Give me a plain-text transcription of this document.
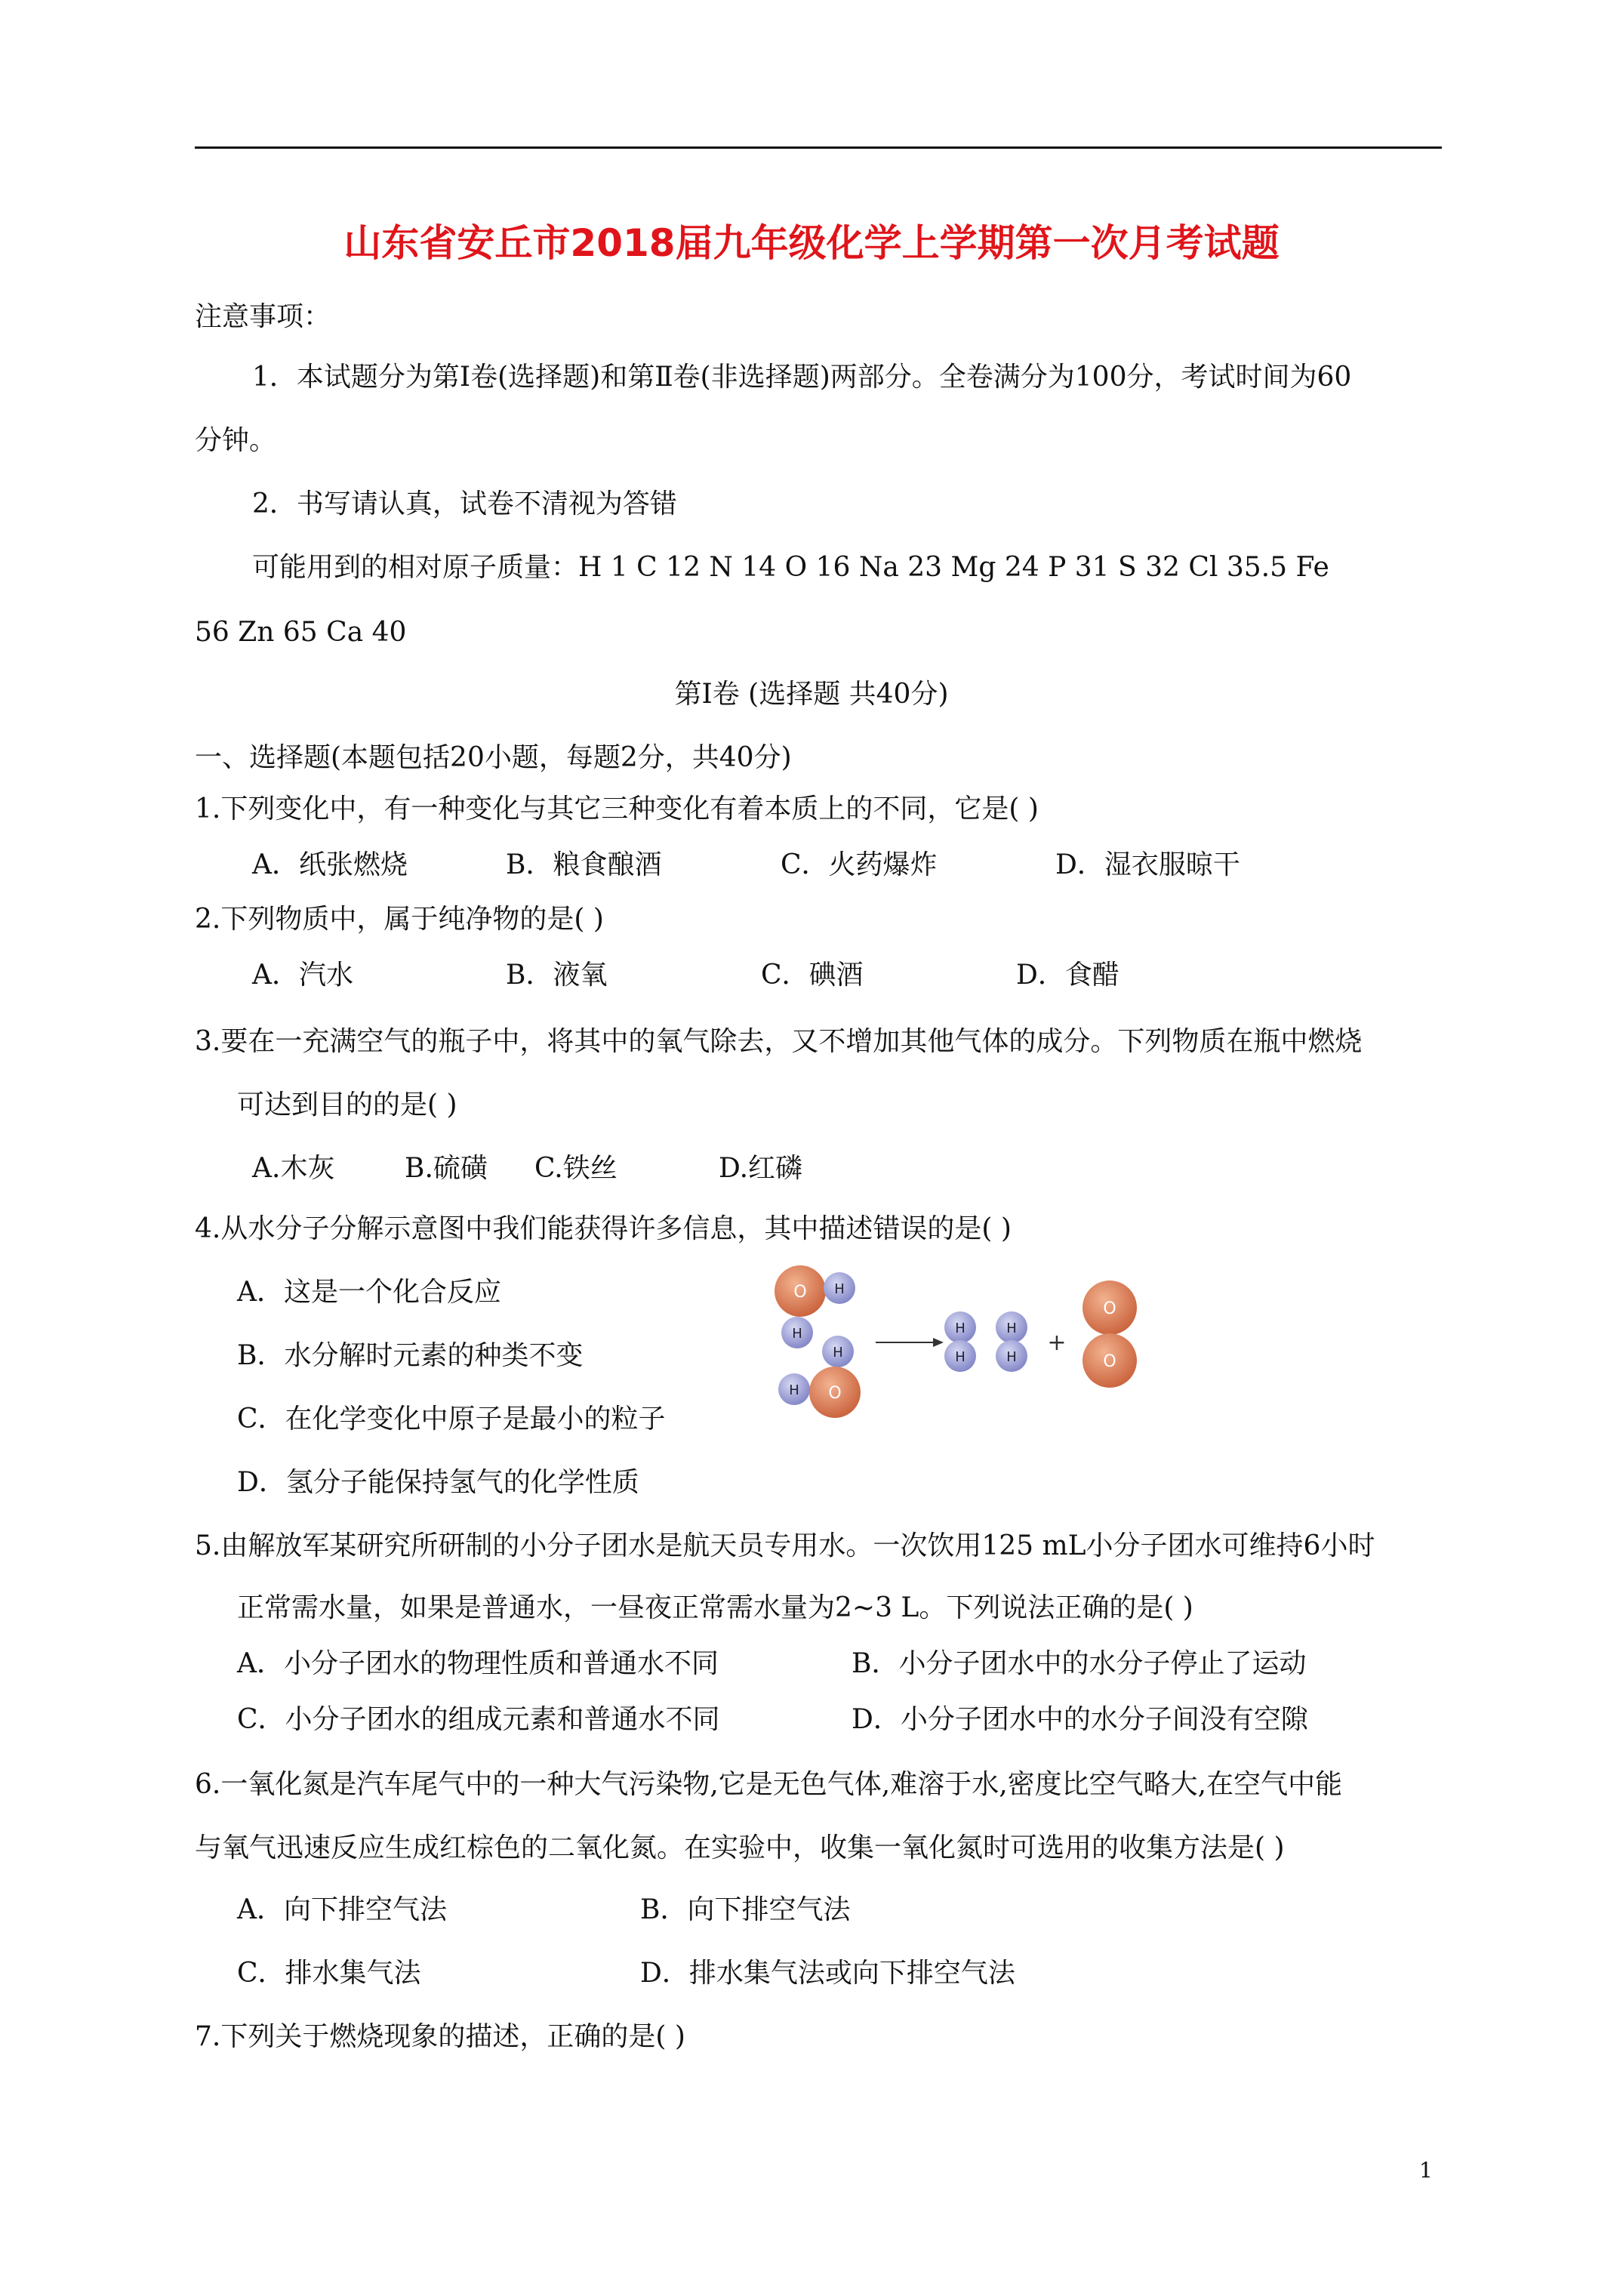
山东省安丘市2018届九年级化学上学期第一次月考试题
注意事项：
1．本试题分为第Ⅰ卷(选择题)和第Ⅱ卷(非选择题)两部分。全卷满分为100分，考试时间为60
分钟。
2．书写请认真，试卷不清视为答错
可能用到的相对原子质量：H 1 C 12 N 14 O 16 Na 23 Mg 24 P 31 S 32 Cl 35.5 Fe
56 Zn 65 Ca 40
第Ⅰ卷 (选择题 共40分)
一、选择题(本题包括20小题，每题2分，共40分)
1.下列变化中，有一种变化与其它三种变化有着本质上的不同，它是( )
A．纸张燃烧	B．粮食酿酒	C．火药爆炸	D．湿衣服晾干
2.下列物质中，属于纯净物的是( )
A．汽水	B．液氧	C．碘酒	D．食醋
3.要在一充满空气的瓶子中，将其中的氧气除去，又不增加其他气体的成分。下列物质在瓶中燃烧
可达到目的的是( )
A.木灰	B.硫磺 C.铁丝	D.红磷
4.从水分子分解示意图中我们能获得许多信息，其中描述错误的是( )
A．这是一个化合反应
B．水分解时元素的种类不变
C．在化学变化中原子是最小的粒子
D．氢分子能保持氢气的化学性质
O H
H
H
O
H
H
H
H
H
+
O
O
5.由解放军某研究所研制的小分子团水是航天员专用水。一次饮用125 mL小分子团水可维持6小时
正常需水量，如果是普通水，一昼夜正常需水量为2~3 L。下列说法正确的是( )
A．小分子团水的物理性质和普通水不同	B．小分子团水中的水分子停止了运动
C．小分子团水的组成元素和普通水不同	D．小分子团水中的水分子间没有空隙
6.一氧化氮是汽车尾气中的一种大气污染物,它是无色气体,难溶于水,密度比空气略大,在空气中能
与氧气迅速反应生成红棕色的二氧化氮。在实验中，收集一氧化氮时可选用的收集方法是( )
A．向下排空气法	B．向下排空气法
C．排水集气法	D．排水集气法或向下排空气法
7.下列关于燃烧现象的描述，正确的是( )
1
